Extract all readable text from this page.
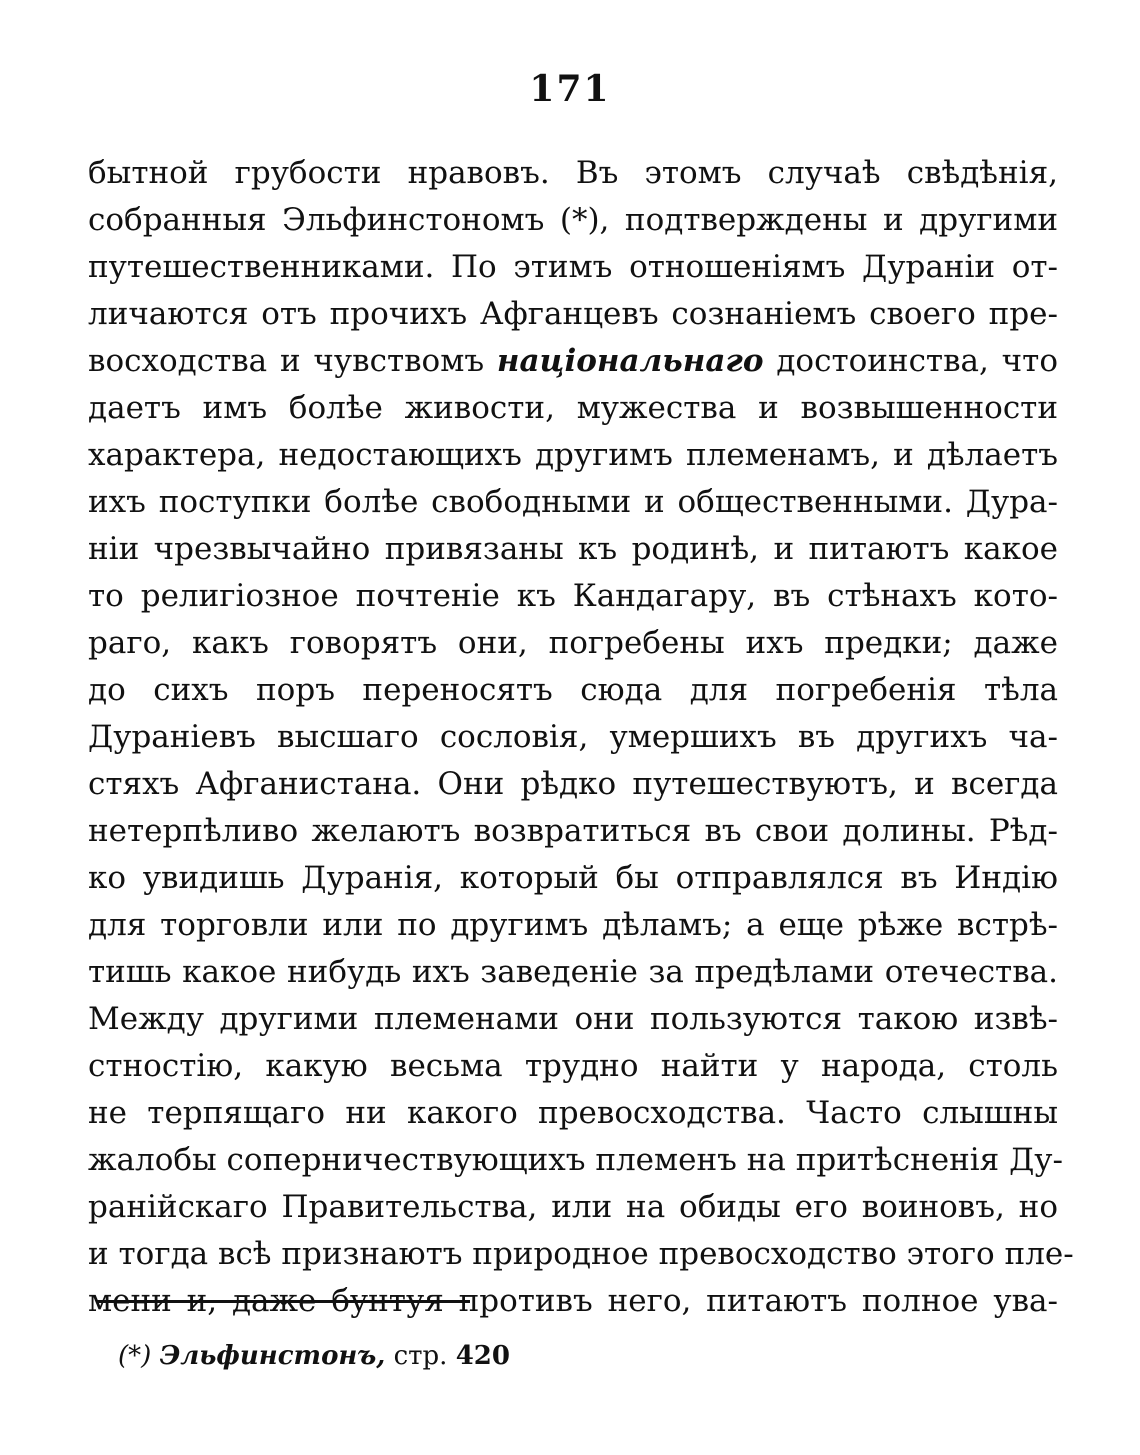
171
бытной грубости нравовъ. Въ этомъ случаѣ свѣдѣнія,
собранныя Эльфинстономъ (*), подтверждены и другими
путешественниками. По этимъ отношеніямъ Дураніи от-
личаются отъ прочихъ Афганцевъ сознаніемъ своего пре-
восходства и чувствомъ національнаго достоинства, что
даетъ имъ болѣе живости, мужества и возвышенности
характера, недостающихъ другимъ племенамъ, и дѣлаетъ
ихъ поступки болѣе свободными и общественными. Дура-
ніи чрезвычайно привязаны къ родинѣ, и питаютъ какое
то религіозное почтеніе къ Кандагару, въ стѣнахъ кото-
раго, какъ говорятъ они, погребены ихъ предки; даже
до сихъ поръ переносятъ сюда для погребенія тѣла
Дураніевъ высшаго сословія, умершихъ въ другихъ ча-
стяхъ Афганистана. Они рѣдко путешествуютъ, и всегда
нетерпѣливо желаютъ возвратиться въ свои долины. Рѣд-
ко увидишь Дуранія, который бы отправлялся въ Индію
для торговли или по другимъ дѣламъ; а еще рѣже встрѣ-
тишь какое нибудь ихъ заведеніе за предѣлами отечества.
Между другими племенами они пользуются такою извѣ-
стностію, какую весьма трудно найти у народа, столь
не терпящаго ни какого превосходства. Часто слышны
жалобы соперничествующихъ племенъ на притѣсненія Ду-
ранійскаго Правительства, или на обиды его воиновъ, но
и тогда всѣ признаютъ природное превосходство этого пле-
мени и, даже бунтуя противъ него, питаютъ полное ува-
(*) Эльфинстонъ, стр. 420
